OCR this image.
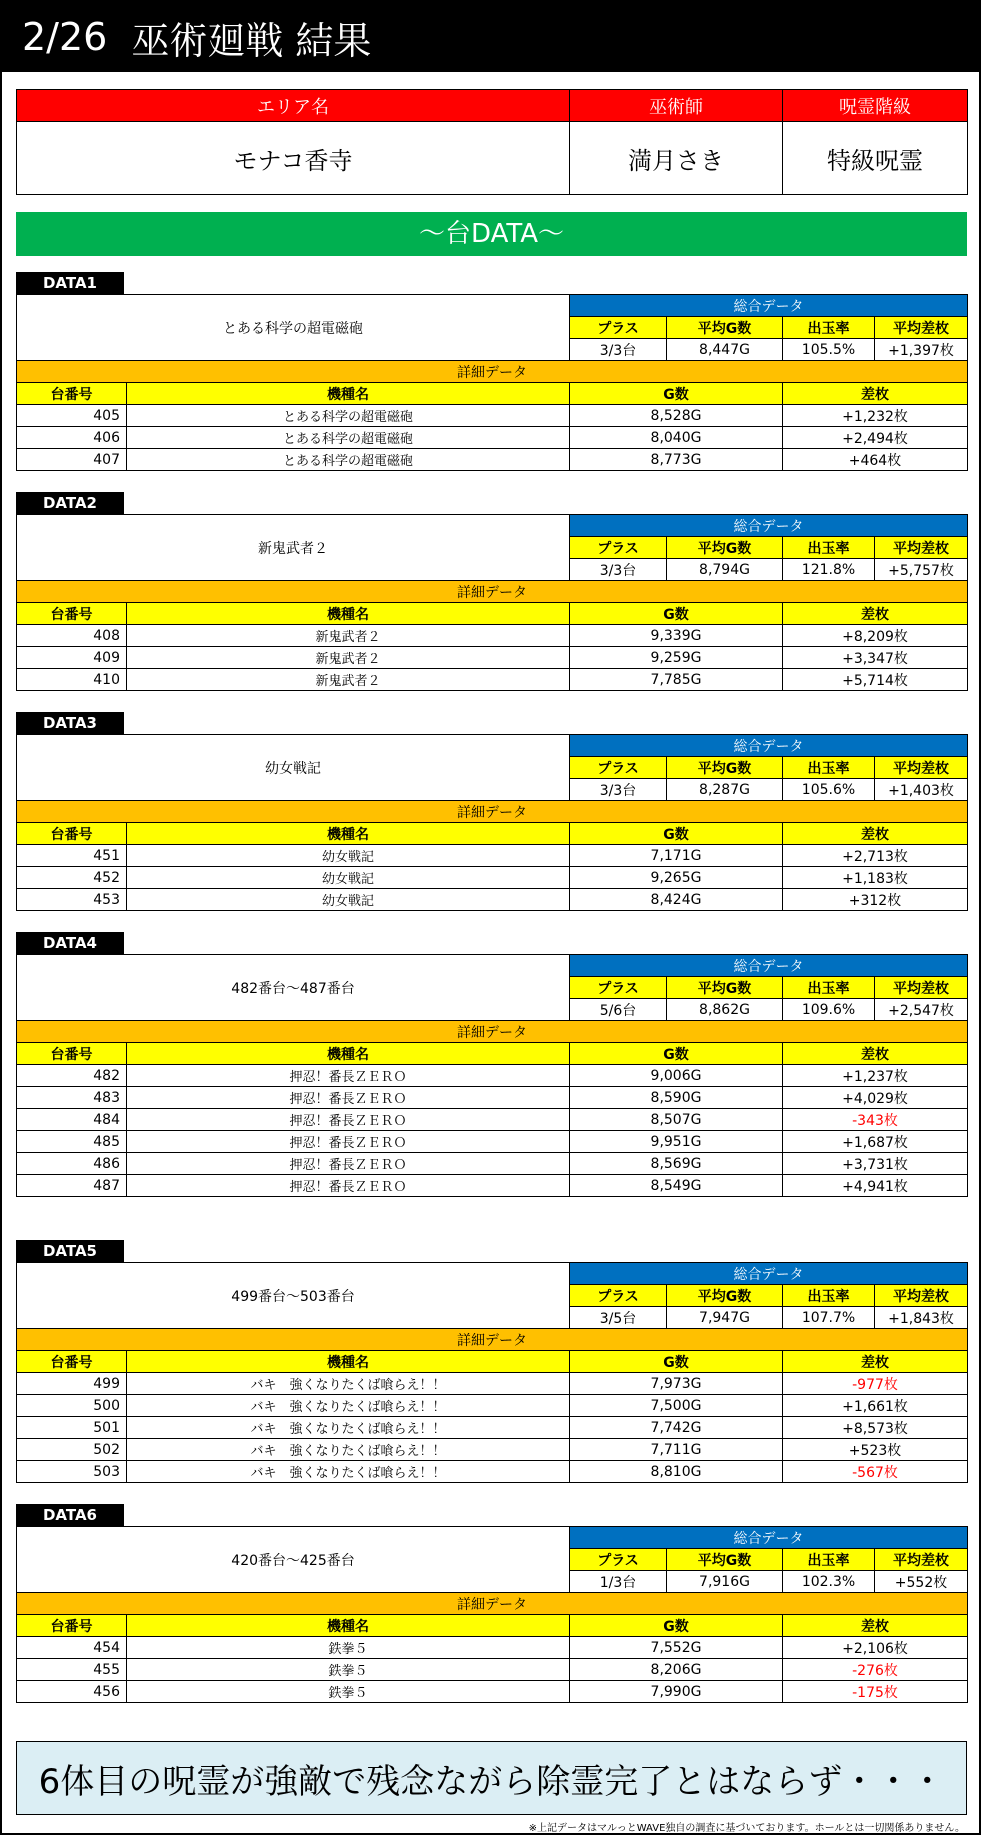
2/26 巫術廻戦 結果
エリア名	巫術師	呪霊階級
モナコ香寺	満月さき	特級呪霊
～台DATA～
DATA1
とある科学の超電磁砲		総合データ			
		プラス	平均G数	出玉率	平均差枚
		3/3台	8,447G	105.5%	+1,397枚
詳細データ					
台番号	機種名	G数		差枚	
405	とある科学の超電磁砲	8,528G		+1,232枚	
406	とある科学の超電磁砲	8,040G		+2,494枚	
407	とある科学の超電磁砲	8,773G		+464枚	
DATA2
新鬼武者２		総合データ			
		プラス	平均G数	出玉率	平均差枚
		3/3台	8,794G	121.8%	+5,757枚
詳細データ					
台番号	機種名	G数		差枚	
408	新鬼武者２	9,339G		+8,209枚	
409	新鬼武者２	9,259G		+3,347枚	
410	新鬼武者２	7,785G		+5,714枚	
DATA3
幼女戦記		総合データ			
		プラス	平均G数	出玉率	平均差枚
		3/3台	8,287G	105.6%	+1,403枚
詳細データ					
台番号	機種名	G数		差枚	
451	幼女戦記	7,171G		+2,713枚	
452	幼女戦記	9,265G		+1,183枚	
453	幼女戦記	8,424G		+312枚	
DATA4
482番台～487番台		総合データ			
		プラス	平均G数	出玉率	平均差枚
		5/6台	8,862G	109.6%	+2,547枚
詳細データ					
台番号	機種名	G数		差枚	
482	押忍！番長ＺＥＲＯ	9,006G		+1,237枚	
483	押忍！番長ＺＥＲＯ	8,590G		+4,029枚	
484	押忍！番長ＺＥＲＯ	8,507G		-343枚	
485	押忍！番長ＺＥＲＯ	9,951G		+1,687枚	
486	押忍！番長ＺＥＲＯ	8,569G		+3,731枚	
487	押忍！番長ＺＥＲＯ	8,549G		+4,941枚	
DATA5
499番台～503番台		総合データ			
		プラス	平均G数	出玉率	平均差枚
		3/5台	7,947G	107.7%	+1,843枚
詳細データ					
台番号	機種名	G数		差枚	
499	バキ　強くなりたくば喰らえ！！	7,973G		-977枚	
500	バキ　強くなりたくば喰らえ！！	7,500G		+1,661枚	
501	バキ　強くなりたくば喰らえ！！	7,742G		+8,573枚	
502	バキ　強くなりたくば喰らえ！！	7,711G		+523枚	
503	バキ　強くなりたくば喰らえ！！	8,810G		-567枚	
DATA6
420番台～425番台		総合データ			
		プラス	平均G数	出玉率	平均差枚
		1/3台	7,916G	102.3%	+552枚
詳細データ					
台番号	機種名	G数		差枚	
454	鉄拳５	7,552G		+2,106枚	
455	鉄拳５	8,206G		-276枚	
456	鉄拳５	7,990G		-175枚	
6体目の呪霊が強敵で残念ながら除霊完了とはならず・・・
※上記データはマルっとWAVE独自の調査に基づいております。ホールとは一切関係ありません。
